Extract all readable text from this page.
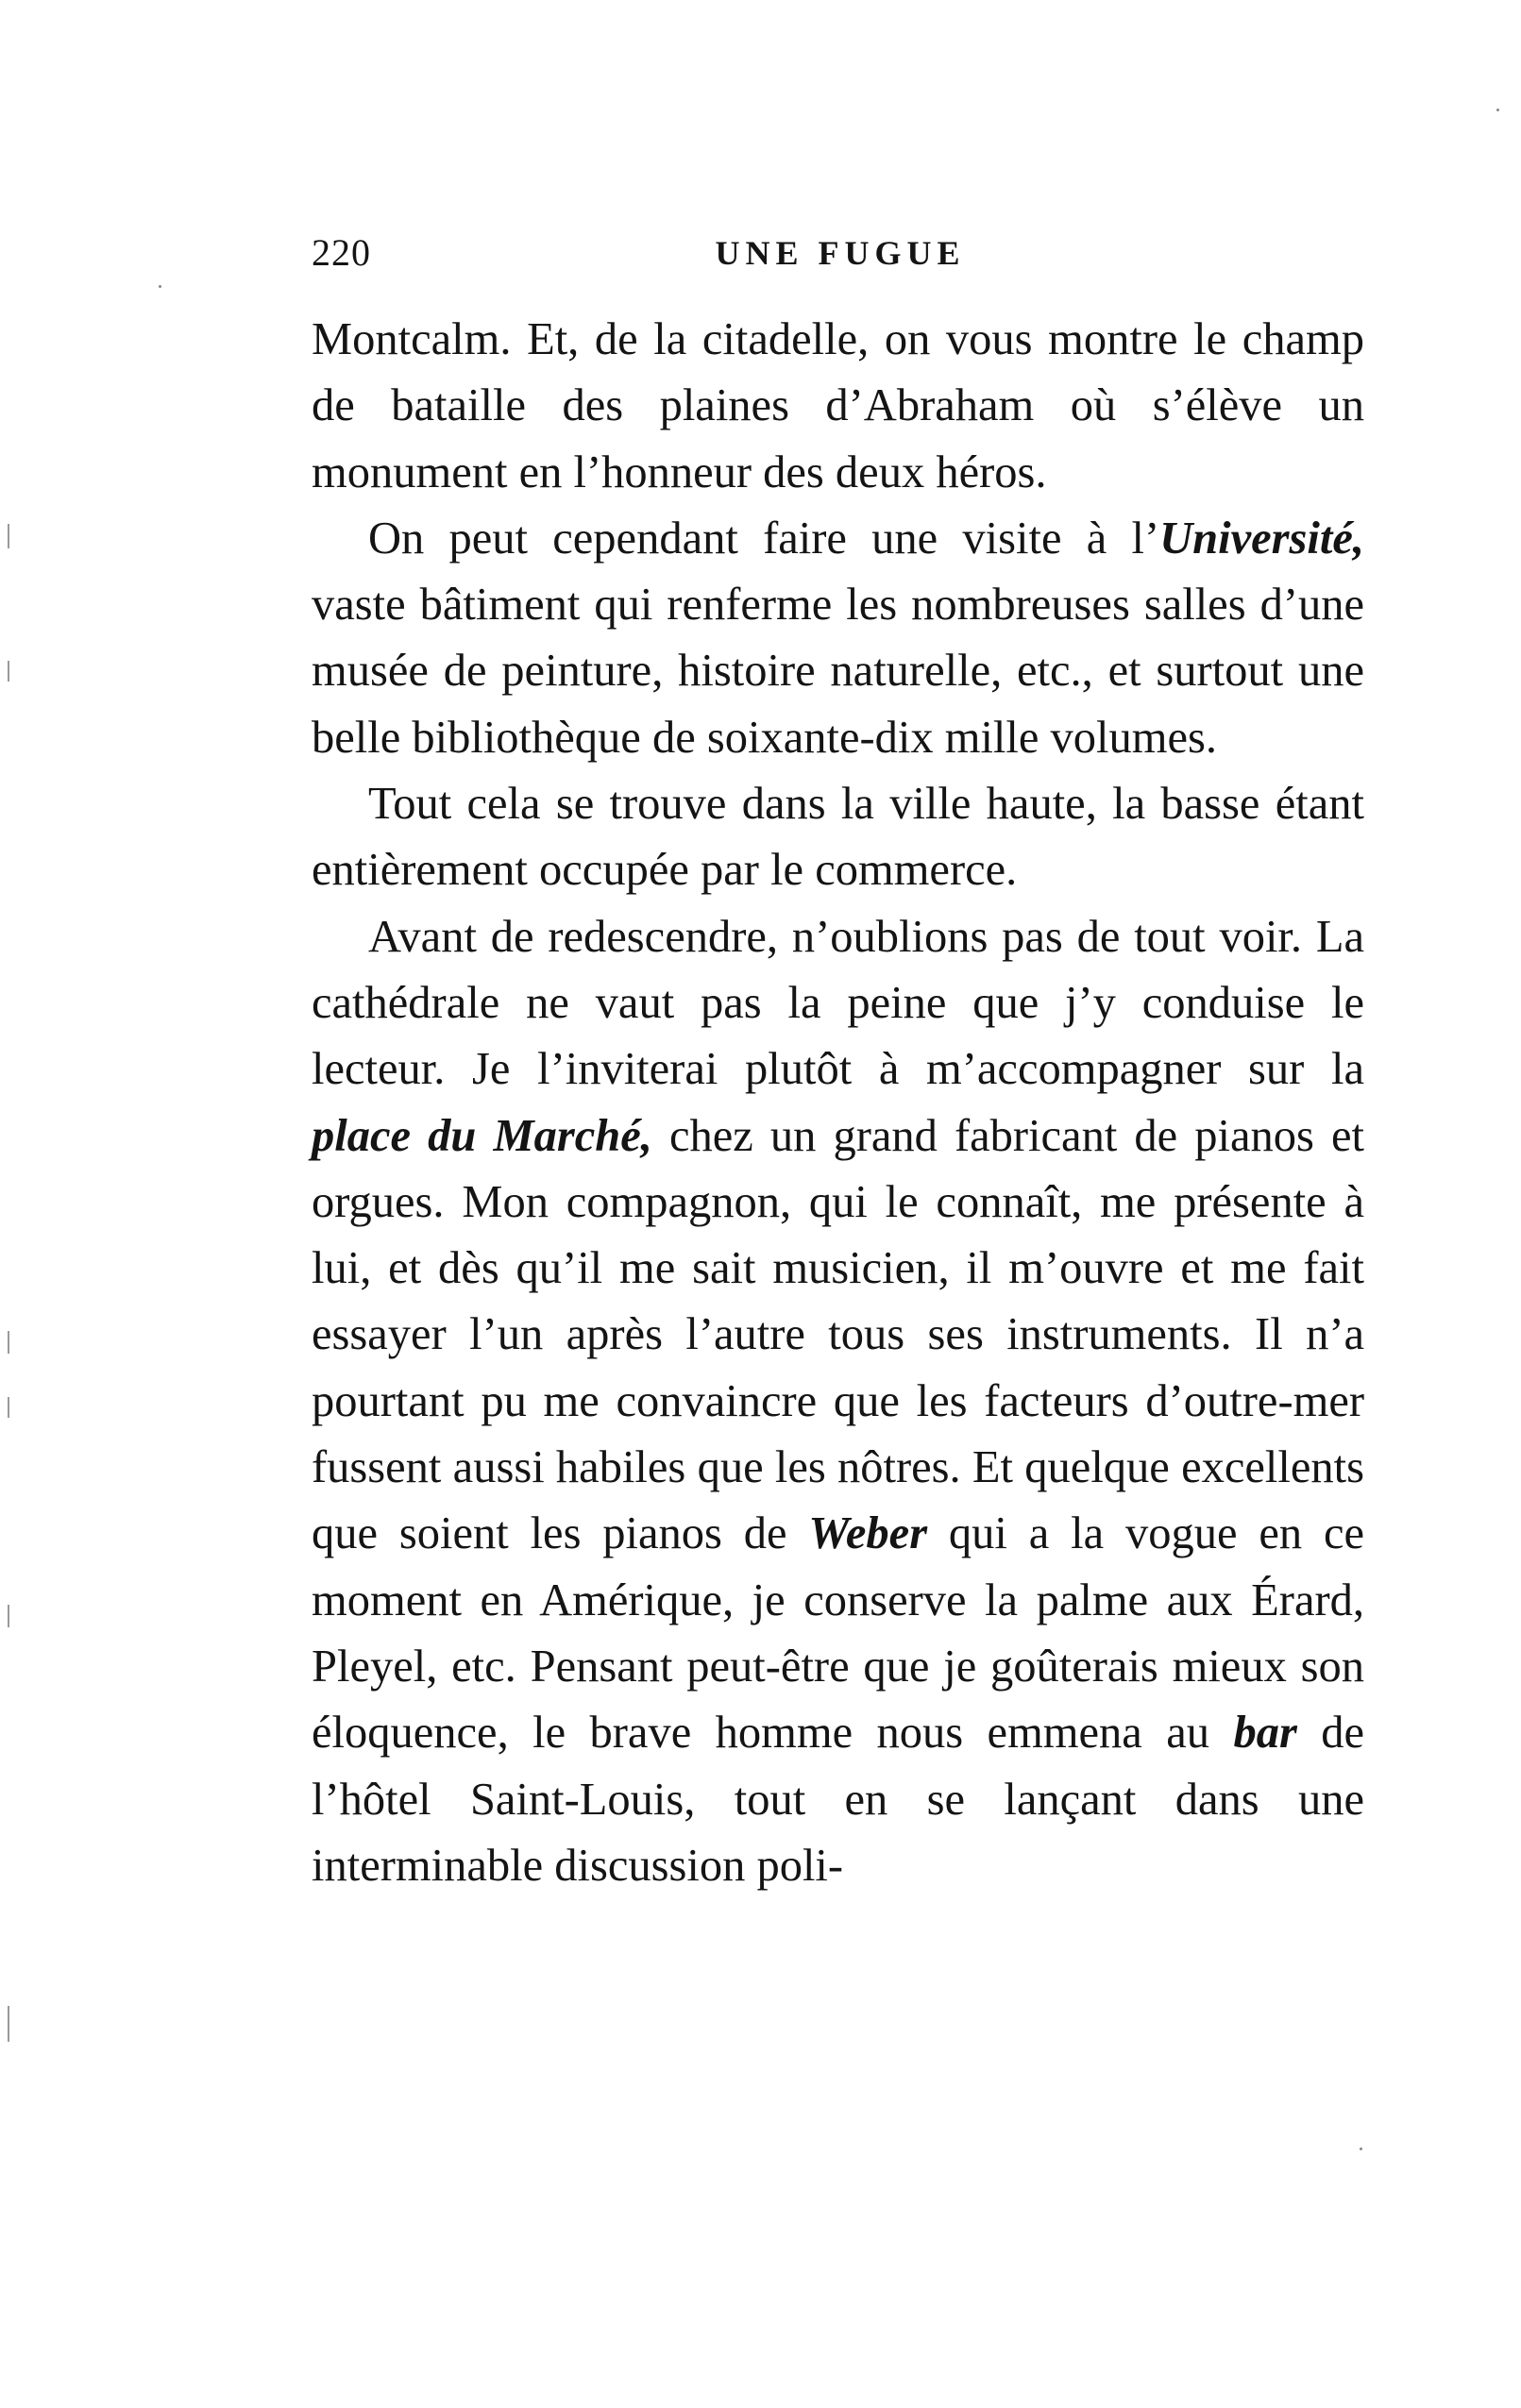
220	UNE FUGUE

Montcalm. Et, de la citadelle, on vous montre le champ de bataille des plaines d’Abraham où s’élève un monument en l’honneur des deux héros.

On peut cependant faire une visite à l’Université, vaste bâtiment qui renferme les nombreuses salles d’une musée de peinture, histoire naturelle, etc., et surtout une belle bibliothèque de soixante-dix mille volumes.

Tout cela se trouve dans la ville haute, la basse étant entièrement occupée par le commerce.

Avant de redescendre, n’oublions pas de tout voir. La cathédrale ne vaut pas la peine que j’y conduise le lecteur. Je l’inviterai plutôt à m’accompagner sur la place du Marché, chez un grand fabricant de pianos et orgues. Mon compagnon, qui le connaît, me présente à lui, et dès qu’il me sait musicien, il m’ouvre et me fait essayer l’un après l’autre tous ses instruments. Il n’a pourtant pu me convaincre que les facteurs d’outre-mer fussent aussi habiles que les nôtres. Et quelque excellents que soient les pianos de Weber qui a la vogue en ce moment en Amérique, je conserve la palme aux Érard, Pleyel, etc. Pensant peut-être que je goûterais mieux son éloquence, le brave homme nous emmena au bar de l’hôtel Saint-Louis, tout en se lançant dans une interminable discussion poli-
